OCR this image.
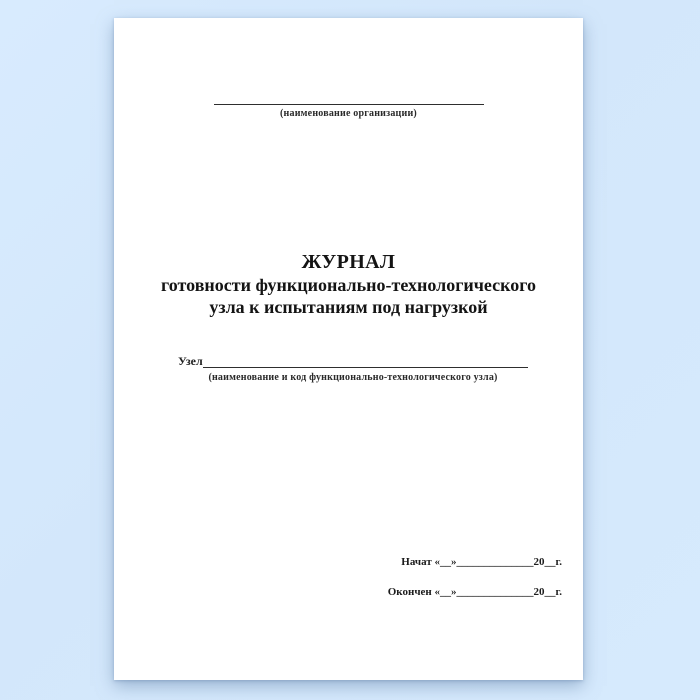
(наименование организации)
ЖУРНАЛ
готовности функционально-технологического
узла к испытаниям под нагрузкой
Узел
(наименование и код функционально-технологического узла)
Начат «__»______________20__г.
Окончен «__»______________20__г.
